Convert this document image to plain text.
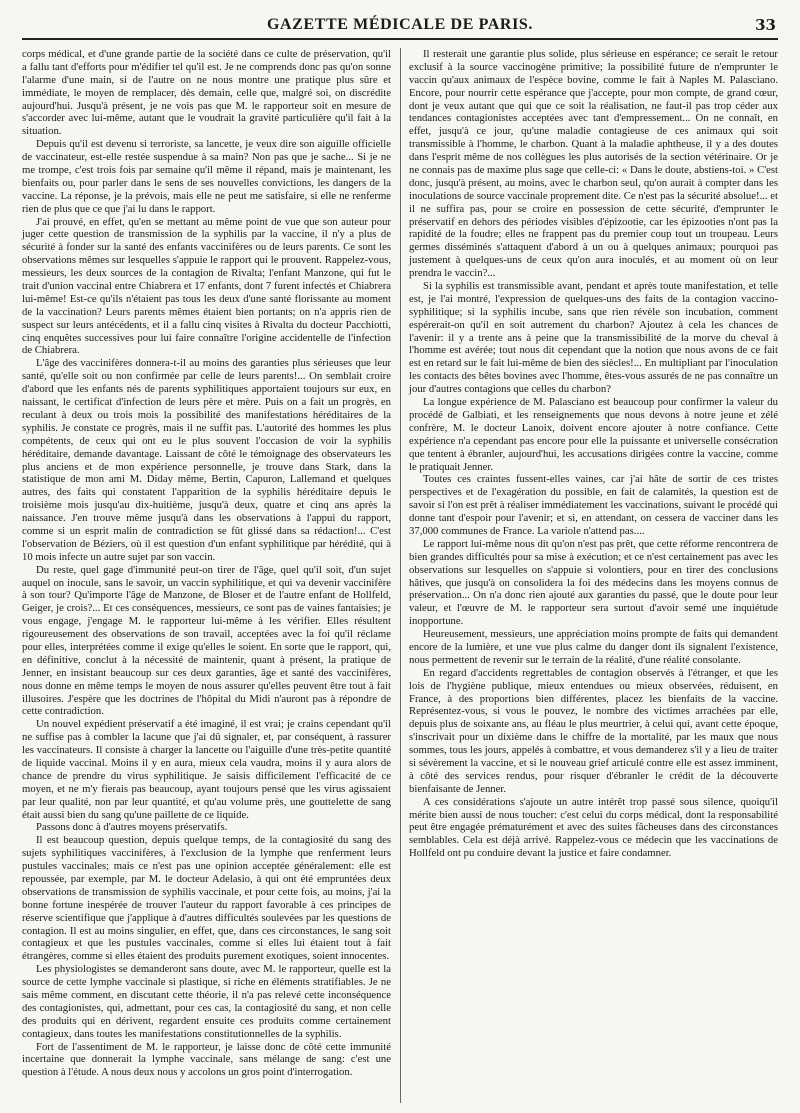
GAZETTE MÉDICALE DE PARIS.	33

corps médical, et d'une grande partie de la société dans ce culte de préservation, qu'il a fallu tant d'efforts pour m'édifier tel qu'il est. Je ne comprends donc pas qu'on sonne l'alarme d'une main, si de l'autre on ne nous montre une pratique plus sûre et immédiate, le moyen de remplacer, dès demain, celle que, malgré soi, on discrédite aujourd'hui. Jusqu'à présent, je ne vois pas que M. le rapporteur soit en mesure de s'accorder avec lui-même, autant que le voudrait la gravité particulière qu'il fait à la situation.

Depuis qu'il est devenu si terroriste, sa lancette, je veux dire son aiguille officielle de vaccinateur, est-elle restée suspendue à sa main? Non pas que je sache... Si je ne me trompe, c'est trois fois par semaine qu'il même il répand, mais je maintenant, les bienfaits ou, pour parler dans le sens de ses nouvelles convictions, les dangers de la vaccine. La réponse, je la prévois, mais elle ne peut me satisfaire, si elle ne renferme rien de plus que ce que j'ai lu dans le rapport.

J'ai prouvé, en effet, qu'en se mettant au même point de vue que son auteur pour juger cette question de transmission de la syphilis par la vaccine, il n'y a plus de sécurité à fonder sur la santé des enfants vaccinifères ou de leurs parents. Ce sont les observations mêmes sur lesquelles s'appuie le rapport qui le prouvent. Rappelez-vous, messieurs, les deux sources de la contagion de Rivalta; l'enfant Manzone, qui fut le trait d'union vaccinal entre Chiabrera et 17 enfants, dont 7 furent infectés et Chiabrera lui-même! Est-ce qu'ils n'étaient pas tous les deux d'une santé florissante au moment de la vaccination? Leurs parents mêmes étaient bien portants; on n'a appris rien de suspect sur leurs antécédents, et il a fallu cinq visites à Rivalta du docteur Pacchiotti, cinq enquêtes successives pour lui faire connaître l'origine accidentelle de l'infection de Chiabrera.

L'âge des vaccinifères donnera-t-il au moins des garanties plus sérieuses que leur santé, qu'elle soit ou non confirmée par celle de leurs parents!... On semblait croire d'abord que les enfants nés de parents syphilitiques apportaient toujours sur eux, en naissant, le certificat d'infection de leurs père et mère. Puis on a fait un progrès, en reculant à deux ou trois mois la possibilité des manifestations héréditaires de la syphilis. Je constate ce progrès, mais il ne suffit pas. L'autorité des hommes les plus compétents, de ceux qui ont eu le plus souvent l'occasion de voir la syphilis héréditaire, demande davantage. Laissant de côté le témoignage des observateurs les plus anciens et de mon expérience personnelle, je trouve dans Stark, dans la statistique de mon ami M. Diday même, Bertin, Capuron, Lallemand et quelques autres, des faits qui constatent l'apparition de la syphilis héréditaire depuis le troisième mois jusqu'au dix-huitième, jusqu'à deux, quatre et cinq ans après la naissance. J'en trouve même jusqu'à dans les observations à l'appui du rapport, comme si un esprit malin de contradiction se fût glissé dans sa rédaction!... C'est l'observation de Béziers, où il est question d'un enfant syphilitique par hérédité, qui à 10 mois infecte un autre sujet par son vaccin.

Du reste, quel gage d'immunité peut-on tirer de l'âge, quel qu'il soit, d'un sujet auquel on inocule, sans le savoir, un vaccin syphilitique, et qui va devenir vaccinifère à son tour? Qu'importe l'âge de Manzone, de Bloser et de l'autre enfant de Hollfeld, Geiger, je crois?... Et ces conséquences, messieurs, ce sont pas de vaines fantaisies; je vous engage, j'engage M. le rapporteur lui-même à les vérifier. Elles résultent rigoureusement des observations de son travail, acceptées avec la foi qu'il réclame pour elles, interprétées comme il exige qu'elles le soient. En sorte que le rapport, qui, en définitive, conclut à la nécessité de maintenir, quant à présent, la pratique de Jenner, en insistant beaucoup sur ces deux garanties, âge et santé des vaccinifères, nous donne en même temps le moyen de nous assurer qu'elles peuvent être tout à fait illusoires. J'espère que les doctrines de l'hôpital du Midi n'auront pas à répondre de cette contradiction.

Un nouvel expédient préservatif a été imaginé, il est vrai; je crains cependant qu'il ne suffise pas à combler la lacune que j'ai dû signaler, et, par conséquent, à rassurer les vaccinateurs. Il consiste à charger la lancette ou l'aiguille d'une très-petite quantité de liquide vaccinal. Moins il y en aura, mieux cela vaudra, moins il y aura alors de chance de prendre du virus syphilitique. Je saisis difficilement l'efficacité de ce moyen, et ne m'y fierais pas beaucoup, ayant toujours pensé que les virus agissaient par leur qualité, non par leur quantité, et qu'au volume près, une gouttelette de sang était aussi bien du sang qu'une paillette de ce liquide.

Passons donc à d'autres moyens préservatifs.

Il est beaucoup question, depuis quelque temps, de la contagiosité du sang des sujets syphilitiques vaccinifères, à l'exclusion de la lymphe que renferment leurs pustules vaccinales; mais ce n'est pas une opinion acceptée généralement: elle est repoussée, par exemple, par M. le docteur Adelasio, à qui ont été empruntées deux observations de transmission de syphilis vaccinale, et pour cette fois, au moins, j'ai la bonne fortune inespérée de trouver l'auteur du rapport favorable à ces principes de réserve scientifique que j'applique à d'autres difficultés soulevées par les questions de contagion. Il est au moins singulier, en effet, que, dans ces circonstances, le sang soit contagieux et que les pustules vaccinales, comme si elles lui étaient tout à fait étrangères, comme si elles étaient des produits purement exotiques, soient innocentes.

Les physiologistes se demanderont sans doute, avec M. le rapporteur, quelle est la source de cette lymphe vaccinale si plastique, si riche en éléments stratifiables. Je ne sais même comment, en discutant cette théorie, il n'a pas relevé cette inconséquence des contagionistes, qui, admettant, pour ces cas, la contagiosité du sang, et non celle des produits qui en dérivent, regardent ensuite ces produits comme certainement contagieux, dans toutes les manifestations constitutionnelles de la syphilis.

Fort de l'assentiment de M. le rapporteur, je laisse donc de côté cette immunité incertaine que donnerait la lymphe vaccinale, sans mélange de sang: c'est une question à l'étude. A nous deux nous y accolons un gros point d'interrogation.

Il resterait une garantie plus solide, plus sérieuse en espérance; ce serait le retour exclusif à la source vaccinogène primitive; la possibilité future de n'emprunter le vaccin qu'aux animaux de l'espèce bovine, comme le fait à Naples M. Palasciano. Encore, pour nourrir cette espérance que j'accepte, pour mon compte, de grand cœur, dont je veux autant que qui que ce soit la réalisation, ne faut-il pas trop céder aux tendances contagionistes acceptées avec tant d'empressement... On ne connaît, en effet, jusqu'à ce jour, qu'une maladie contagieuse de ces animaux qui soit transmissible à l'homme, le charbon. Quant à la maladie aphtheuse, il y a des doutes dans l'esprit même de nos collègues les plus autorisés de la section vétérinaire. Or je ne connais pas de maxime plus sage que celle-ci: « Dans le doute, abstiens-toi. » C'est donc, jusqu'à présent, au moins, avec le charbon seul, qu'on aurait à compter dans les inoculations de source vaccinale proprement dite. Ce n'est pas la sécurité absolue!... et il ne suffira pas, pour se croire en possession de cette sécurité, d'emprunter le préservatif en dehors des périodes visibles d'épizootie, car les épizooties n'ont pas la rapidité de la foudre; elles ne frappent pas du premier coup tout un troupeau. Leurs germes disséminés s'attaquent d'abord à un ou à quelques animaux; pourquoi pas justement à quelques-uns de ceux qu'on aura inoculés, et au moment où on leur prendra le vaccin?...

Si la syphilis est transmissible avant, pendant et après toute manifestation, et telle est, je l'ai montré, l'expression de quelques-uns des faits de la contagion vaccino-syphilitique; si la syphilis incube, sans que rien révèle son incubation, comment espérerait-on qu'il en soit autrement du charbon? Ajoutez à cela les chances de l'avenir: il y a trente ans à peine que la transmissibilité de la morve du cheval à l'homme est avérée; tout nous dit cependant que la notion que nous avons de ce fait est en retard sur le fait lui-même de bien des siècles!... En multipliant par l'inoculation les contacts des bêtes bovines avec l'homme, êtes-vous assurés de ne pas connaître un jour d'autres contagions que celles du charbon?

La longue expérience de M. Palasciano est beaucoup pour confirmer la valeur du procédé de Galbiati, et les renseignements que nous devons à notre jeune et zélé confrère, M. le docteur Lanoix, doivent encore ajouter à notre confiance. Cette expérience n'a cependant pas encore pour elle la puissante et universelle consécration que tentent à ébranler, aujourd'hui, les accusations dirigées contre la vaccine, comme le pratiquait Jenner.

Toutes ces craintes fussent-elles vaines, car j'ai hâte de sortir de ces tristes perspectives et de l'exagération du possible, en fait de calamités, la question est de savoir si l'on est prêt à réaliser immédiatement les vaccinations, suivant le procédé qui donne tant d'espoir pour l'avenir; et si, en attendant, on cessera de vacciner dans les 37,000 communes de France. La variole n'attend pas....

Le rapport lui-même nous dit qu'on n'est pas prêt, que cette réforme rencontrera de bien grandes difficultés pour sa mise à exécution; et ce n'est certainement pas avec les observations sur lesquelles on s'appuie si volontiers, pour en tirer des conclusions hâtives, que jusqu'à on consolidera la foi des médecins dans les moyens connus de préservation... On n'a donc rien ajouté aux garanties du passé, que le doute pour leur valeur, et l'œuvre de M. le rapporteur sera surtout d'avoir semé une inquiétude inopportune.

Heureusement, messieurs, une appréciation moins prompte de faits qui demandent encore de la lumière, et une vue plus calme du danger dont ils signalent l'existence, nous permettent de revenir sur le terrain de la réalité, d'une réalité consolante.

En regard d'accidents regrettables de contagion observés à l'étranger, et que les lois de l'hygiène publique, mieux entendues ou mieux observées, réduisent, en France, à des proportions bien différentes, placez les bienfaits de la vaccine. Représentez-vous, si vous le pouvez, le nombre des victimes arrachées par elle, depuis plus de soixante ans, au fléau le plus meurtrier, à celui qui, avant cette époque, s'inscrivait pour un dixième dans le chiffre de la mortalité, par les maux que nous sommes, tous les jours, appelés à combattre, et vous demanderez s'il y a lieu de traiter si sévèrement la vaccine, et si le nouveau grief articulé contre elle est assez imminent, à côté des services rendus, pour risquer d'ébranler le crédit de la découverte bienfaisante de Jenner.

A ces considérations s'ajoute un autre intérêt trop passé sous silence, quoiqu'il mérite bien aussi de nous toucher: c'est celui du corps médical, dont la responsabilité peut être engagée prématurément et avec des suites fâcheuses dans des circonstances semblables. Cela est déjà arrivé. Rappelez-vous ce médecin que les vaccinations de Hollfeld ont pu conduire devant la justice et faire condamner.
